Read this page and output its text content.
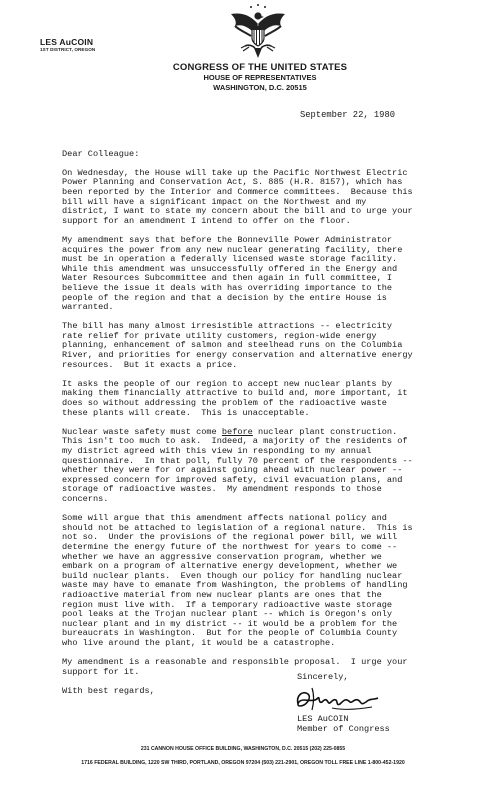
LES AuCOIN
1ST DISTRICT, OREGON
CONGRESS OF THE UNITED STATES
HOUSE OF REPRESENTATIVES
WASHINGTON, D.C. 20515
September 22, 1980

Dear Colleague:
On Wednesday, the House will take up the Pacific Northwest Electric
Power Planning and Conservation Act, S. 885 (H.R. 8157), which has
been reported by the Interior and Commerce committees.  Because this
bill will have a significant impact on the Northwest and my
district, I want to state my concern about the bill and to urge your
support for an amendment I intend to offer on the floor.
My amendment says that before the Bonneville Power Administrator
acquires the power from any new nuclear generating facility, there
must be in operation a federally licensed waste storage facility.
While this amendment was unsuccessfully offered in the Energy and
Water Resources Subcommittee and then again in full committee, I
believe the issue it deals with has overriding importance to the
people of the region and that a decision by the entire House is
warranted.
The bill has many almost irresistible attractions -- electricity
rate relief for private utility customers, region-wide energy
planning, enhancement of salmon and steelhead runs on the Columbia
River, and priorities for energy conservation and alternative energy
resources.  But it exacts a price.
It asks the people of our region to accept new nuclear plants by
making them financially attractive to build and, more important, it
does so without addressing the problem of the radioactive waste
these plants will create.  This is unacceptable.
Nuclear waste safety must come before nuclear plant construction.
This isn't too much to ask.  Indeed, a majority of the residents of
my district agreed with this view in responding to my annual
questionnaire.  In that poll, fully 70 percent of the respondents --
whether they were for or against going ahead with nuclear power --
expressed concern for improved safety, civil evacuation plans, and
storage of radioactive wastes.  My amendment responds to those
concerns.
Some will argue that this amendment affects national policy and
should not be attached to legislation of a regional nature.  This is
not so.  Under the provisions of the regional power bill, we will
determine the energy future of the northwest for years to come --
whether we have an aggressive conservation program, whether we
embark on a program of alternative energy development, whether we
build nuclear plants.  Even though our policy for handling nuclear
waste may have to emanate from Washington, the problems of handling
radioactive material from new nuclear plants are ones that the
region must live with.  If a temporary radioactive waste storage
pool leaks at the Trojan nuclear plant -- which is Oregon's only
nuclear plant and in my district -- it would be a problem for the
bureaucrats in Washington.  But for the people of Columbia County
who live around the plant, it would be a catastrophe.
My amendment is a reasonable and responsible proposal.  I urge your
support for it.
With best regards,

Sincerely,
LES AuCOIN
Member of Congress
231 CANNON HOUSE OFFICE BUILDING, WASHINGTON, D.C. 20515 (202) 225-0855
1716 FEDERAL BUILDING, 1220 SW THIRD, PORTLAND, OREGON 97204 (503) 221-2901, OREGON TOLL FREE LINE 1-800-452-1920
